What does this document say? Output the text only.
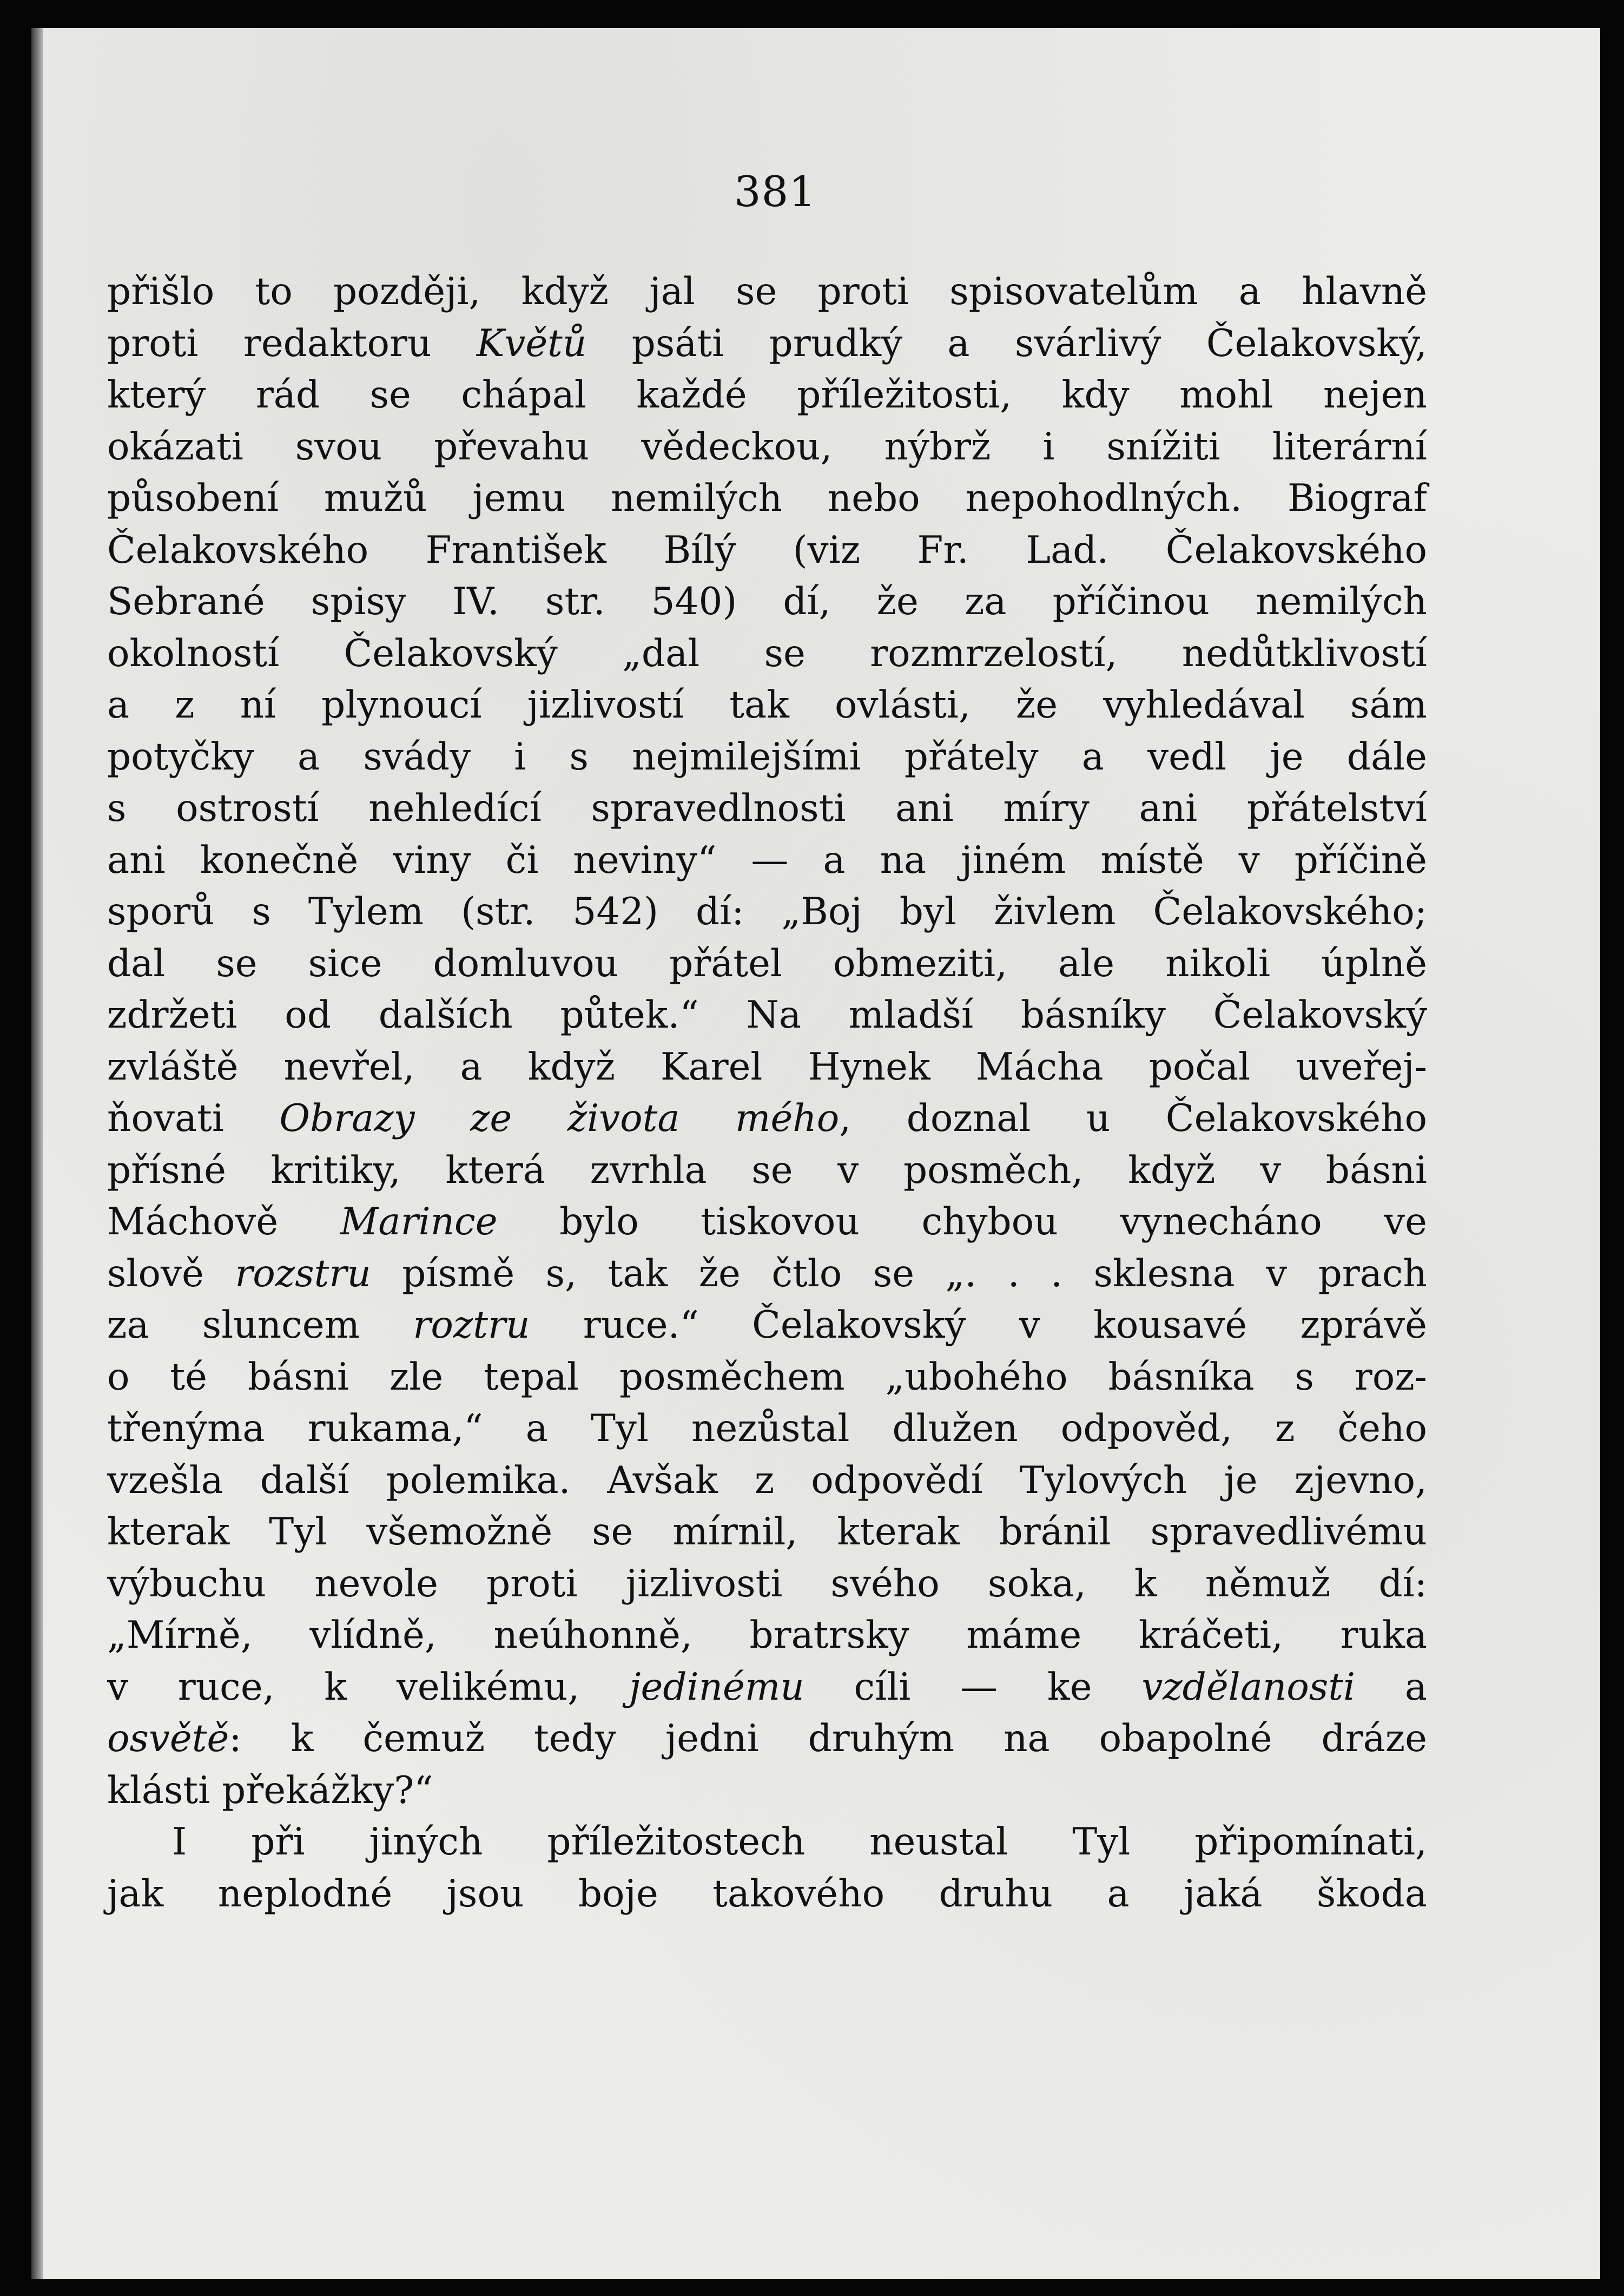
381
přišlo to později, když jal se proti spisovatelům a hlavně
proti redaktoru Květů psáti prudký a svárlivý Čelakovský,
který rád se chápal každé příležitosti, kdy mohl nejen
okázati svou převahu vědeckou, nýbrž i snížiti literární
působení mužů jemu nemilých nebo nepohodlných. Biograf
Čelakovského František Bílý (viz Fr. Lad. Čelakovského
Sebrané spisy IV. str. 540) dí, že za příčinou nemilých
okolností Čelakovský „dal se rozmrzelostí, nedůtklivostí
a z ní plynoucí jizlivostí tak ovlásti, že vyhledával sám
potyčky a svády i s nejmilejšími přátely a vedl je dále
s ostrostí nehledící spravedlnosti ani míry ani přátelství
ani konečně viny či neviny“ — a na jiném místě v příčině
sporů s Tylem (str. 542) dí: „Boj byl živlem Čelakovského;
dal se sice domluvou přátel obmeziti, ale nikoli úplně
zdržeti od dalších půtek.“ Na mladší básníky Čelakovský
zvláště nevřel, a když Karel Hynek Mácha počal uveřej-
ňovati Obrazy ze života mého, doznal u Čelakovského
přísné kritiky, která zvrhla se v posměch, když v básni
Máchově Marince bylo tiskovou chybou vynecháno ve
slově rozstru písmě s, tak že čtlo se „. . . sklesna v prach
za sluncem roztru ruce.“ Čelakovský v kousavé zprávě
o té básni zle tepal posměchem „ubohého básníka s roz-
třenýma rukama,“ a Tyl nezůstal dlužen odpověd, z čeho
vzešla další polemika. Avšak z odpovědí Tylových je zjevno,
kterak Tyl všemožně se mírnil, kterak bránil spravedlivému
výbuchu nevole proti jizlivosti svého soka, k němuž dí:
„Mírně, vlídně, neúhonně, bratrsky máme kráčeti, ruka
v ruce, k velikému, jedinému cíli — ke vzdělanosti a
osvětě: k čemuž tedy jedni druhým na obapolné dráze
klásti překážky?“
I při jiných příležitostech neustal Tyl připomínati,
jak neplodné jsou boje takového druhu a jaká škoda
